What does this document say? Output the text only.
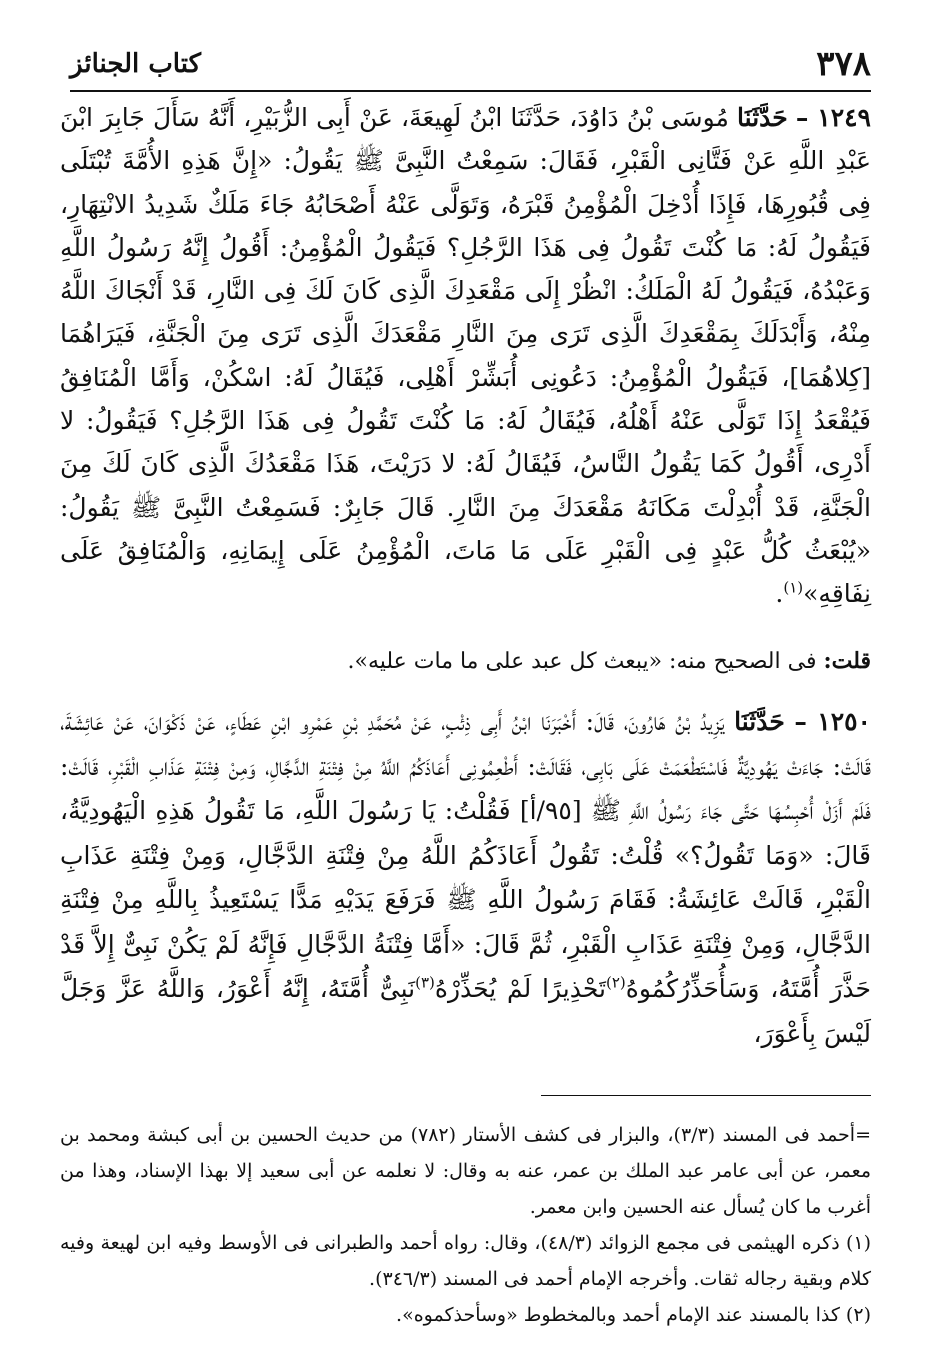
٣٧٨
كتاب الجنائز

١٢٤٩ – حَدَّثَنَا مُوسَى بْنُ دَاوُدَ، حَدَّثَنَا ابْنُ لَهِيعَةَ، عَنْ أَبِى الزُّبَيْرِ، أَنَّهُ سَأَلَ جَابِرَ ابْنَ عَبْدِ اللَّهِ عَنْ فَتَّانِى الْقَبْرِ، فَقَالَ: سَمِعْتُ النَّبِىَّ ﷺ يَقُولُ: «إِنَّ هَذِهِ الأُمَّةَ تُبْتَلَى فِى قُبُورِهَا، فَإِذَا أُدْخِلَ الْمُؤْمِنُ قَبْرَهُ، وَتَوَلَّى عَنْهُ أَصْحَابُهُ جَاءَ مَلَكٌ شَدِيدُ الانْتِهَارِ، فَيَقُولُ لَهُ: مَا كُنْتَ تَقُولُ فِى هَذَا الرَّجُلِ؟ فَيَقُولُ الْمُؤْمِنُ: أَقُولُ إِنَّهُ رَسُولُ اللَّهِ وَعَبْدُهُ، فَيَقُولُ لَهُ الْمَلَكُ: انْظُرْ إِلَى مَقْعَدِكَ الَّذِى كَانَ لَكَ فِى النَّارِ، قَدْ أَنْجَاكَ اللَّهُ مِنْهُ، وَأَبْدَلَكَ بِمَقْعَدِكَ الَّذِى تَرَى مِنَ النَّارِ مَقْعَدَكَ الَّذِى تَرَى مِنَ الْجَنَّةِ، فَيَرَاهُمَا [كِلاهُمَا]، فَيَقُولُ الْمُؤْمِنُ: دَعُونِى أُبَشِّرْ أَهْلِى، فَيُقَالُ لَهُ: اسْكُنْ، وَأَمَّا الْمُنَافِقُ فَيُقْعَدُ إِذَا تَوَلَّى عَنْهُ أَهْلُهُ، فَيُقَالُ لَهُ: مَا كُنْتَ تَقُولُ فِى هَذَا الرَّجُلِ؟ فَيَقُولُ: لا أَدْرِى، أَقُولُ كَمَا يَقُولُ النَّاسُ، فَيُقَالُ لَهُ: لا دَرَيْتَ، هَذَا مَقْعَدُكَ الَّذِى كَانَ لَكَ مِنَ الْجَنَّةِ، قَدْ أُبْدِلْتَ مَكَانَهُ مَقْعَدَكَ مِنَ النَّارِ. قَالَ جَابِرٌ: فَسَمِعْتُ النَّبِىَّ ﷺ يَقُولُ: «يُبْعَثُ كُلُّ عَبْدٍ فِى الْقَبْرِ عَلَى مَا مَاتَ، الْمُؤْمِنُ عَلَى إِيمَانِهِ، وَالْمُنَافِقُ عَلَى نِفَاقِهِ»$^{(١)}$.

قلت: فى الصحيح منه: «يبعث كل عبد على ما مات عليه».

١٢٥٠ – حَدَّثَنَا يَزِيدُ بْنُ هَارُونَ، قَالَ: أَخْبَرَنَا ابْنُ أَبِى ذِئْبٍ، عَنْ مُحَمَّدِ بْنِ عَمْرِو ابْنِ عَطَاءٍ، عَنْ ذَكْوَانَ، عَنْ عَائِشَةَ، قَالَتْ: جَاءَتْ يَهُودِيَّةٌ فَاسْتَطْعَمَتْ عَلَى بَابِى، فَقَالَتْ: أَطْعِمُونِى أَعَاذَكُمُ اللَّهُ مِنْ فِتْنَةِ الدَّجَّالِ، وَمِنْ فِتْنَةِ عَذَابِ الْقَبْرِ، قَالَتْ: فَلَمْ أَزَلْ أُحْبِسُهَا حَتَّى جَاءَ رَسُولُ اللَّهِ ﷺ [٩٥/أ] فَقُلْتُ: يَا رَسُولَ اللَّهِ، مَا تَقُولُ هَذِهِ الْيَهُودِيَّةُ، قَالَ: «وَمَا تَقُولُ؟» قُلْتُ: تَقُولُ أَعَاذَكُمُ اللَّهُ مِنْ فِتْنَةِ الدَّجَّالِ، وَمِنْ فِتْنَةِ عَذَابِ الْقَبْرِ، قَالَتْ عَائِشَةُ: فَقَامَ رَسُولُ اللَّهِ ﷺ فَرَفَعَ يَدَيْهِ مَدًّا يَسْتَعِيذُ بِاللَّهِ مِنْ فِتْنَةِ الدَّجَّالِ، وَمِنْ فِتْنَةِ عَذَابِ الْقَبْرِ، ثُمَّ قَالَ: «أَمَّا فِتْنَةُ الدَّجَّالِ فَإِنَّهُ لَمْ يَكُنْ نَبِىٌّ إِلاَّ قَدْ حَذَّرَ أُمَّتَهُ، وَسَأُحَذِّرُكُمُوهُ$^{(٢)}$تَحْذِيرًا لَمْ يُحَذِّرْهُ$^{(٣)}$نَبِىٌّ أُمَّتَهُ، إِنَّهُ أَعْوَرُ، وَاللَّهُ عَزَّ وَجَلَّ لَيْسَ بِأَعْوَرَ،

=أحمد فى المسند (٣/٣)، والبزار فى كشف الأستار (٧٨٢) من حديث الحسين بن أبى كبشة ومحمد بن معمر، عن أبى عامر عبد الملك بن عمر، عنه به وقال: لا نعلمه عن أبى سعيد إلا بهذا الإسناد، وهذا من أغرب ما كان يُسأل عنه الحسين وابن معمر.

(١) ذكره الهيثمى فى مجمع الزوائد (٤٨/٣)، وقال: رواه أحمد والطبرانى فى الأوسط وفيه ابن لهيعة وفيه كلام وبقية رجاله ثقات. وأخرجه الإمام أحمد فى المسند (٣٤٦/٣).

(٢) كذا بالمسند عند الإمام أحمد وبالمخطوط «وسأحذكموه».
